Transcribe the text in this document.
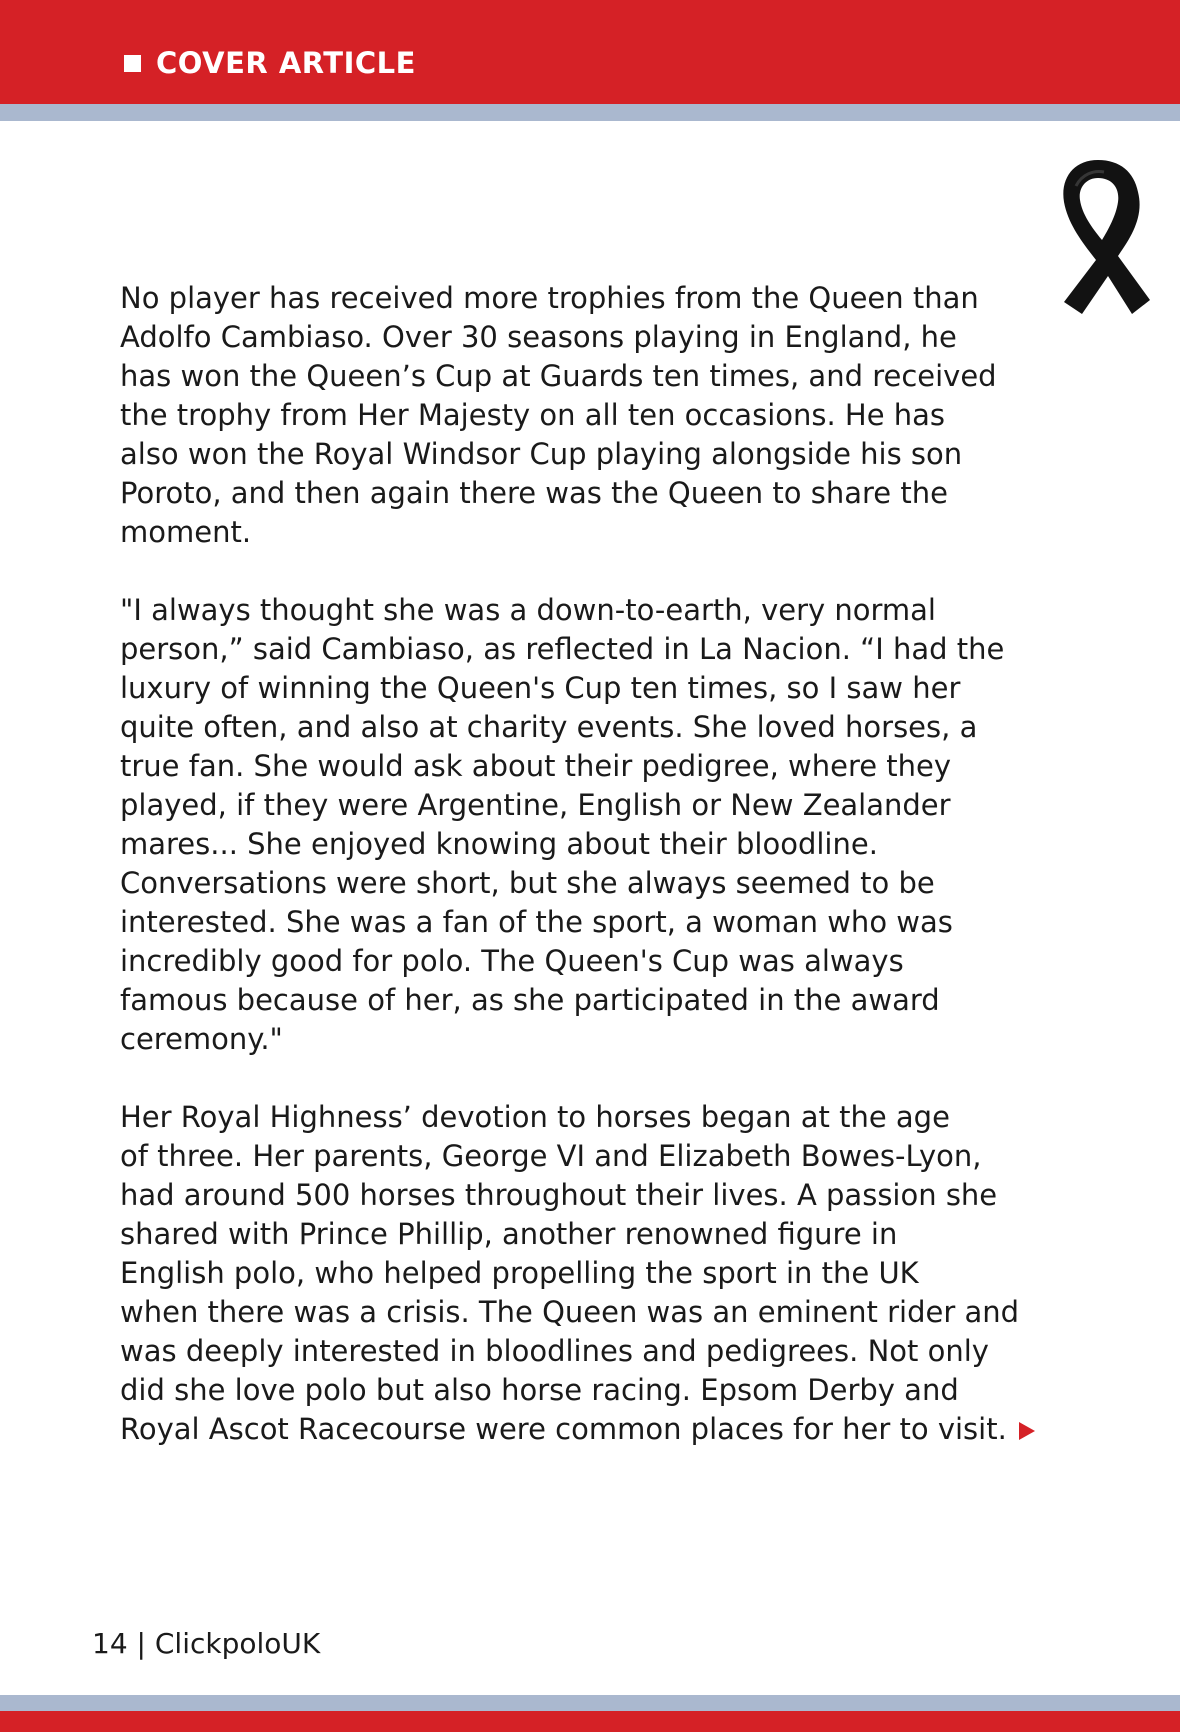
COVER ARTICLE

No player has received more trophies from the Queen than
Adolfo Cambiaso. Over 30 seasons playing in England, he
has won the Queen’s Cup at Guards ten times, and received
the trophy from Her Majesty on all ten occasions. He has
also won the Royal Windsor Cup playing alongside his son
Poroto, and then again there was the Queen to share the
moment.

"I always thought she was a down-to-earth, very normal
person,” said Cambiaso, as reflected in La Nacion. “I had the
luxury of winning the Queen's Cup ten times, so I saw her
quite often, and also at charity events. She loved horses, a
true fan. She would ask about their pedigree, where they
played, if they were Argentine, English or New Zealander
mares... She enjoyed knowing about their bloodline.
Conversations were short, but she always seemed to be
interested. She was a fan of the sport, a woman who was
incredibly good for polo. The Queen's Cup was always
famous because of her, as she participated in the award
ceremony."

Her Royal Highness’ devotion to horses began at the age
of three. Her parents, George VI and Elizabeth Bowes-Lyon,
had around 500 horses throughout their lives. A passion she
shared with Prince Phillip, another renowned figure in
English polo, who helped propelling the sport in the UK
when there was a crisis. The Queen was an eminent rider and
was deeply interested in bloodlines and pedigrees. Not only
did she love polo but also horse racing. Epsom Derby and
Royal Ascot Racecourse were common places for her to visit.

14 | ClickpoloUK
